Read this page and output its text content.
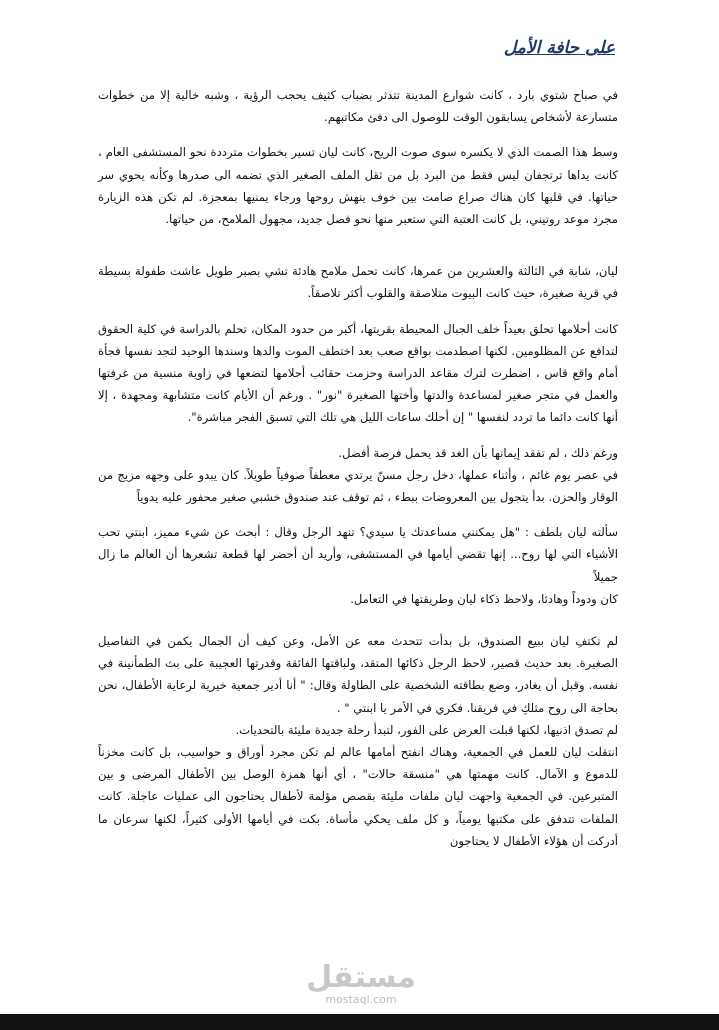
على حافة الأمل

في صباح شتوي بارد ، كانت شوارع المدينة تتدثر بضباب كثيف يحجب الرؤية ، وشبه خالية إلا من خطوات متسارعة لأشخاص يسابقون الوقت للوصول الى دفئ مكاتبهم.

وسط هذا الصمت الذي لا يكسره سوى صوت الريح، كانت ليان تسير بخطوات مترددة نحو المستشفى العام ، كانت يداها ترتجفان ليس فقط من البرد بل من ثقل الملف الصغير الذي تضمه الى صدرها وكأنه يحوي سر حياتها. في قلبها كان هناك صراع صامت بين خوف ينهش روحها ورجاء يمنيها بمعجزة. لم تكن هذه الزيارة مجرد موعد روتيني، بل كانت العتبة التي ستعبر منها نحو فصل جديد، مجهول الملامح، من حياتها.

ليان، شابة في الثالثة والعشرين من عمرها، كانت تحمل ملامح هادئة تشي بصبر طويل عاشت طفولة بسيطة في قرية صغيرة، حيث كانت البيوت متلاصقة والقلوب أكثر تلاصقاً.

كانت أحلامها تحلق بعيداً خلف الجبال المحيطة بقريتها، أكبر من حدود المكان، تحلم بالدراسة في كلية الحقوق لتدافع عن المظلومين. لكنها اصطدمت بواقع صعب بعد اختطف الموت والدها وسندها الوحيد لتجد نفسها فجأة أمام واقع قاس ، اضطرت لترك مقاعد الدراسة وحزمت حقائب أحلامها لتضعها في زاوية منسية من غرفتها والعمل في متجر صغير لمساعدة والدتها وأختها الصغيرة "نور" . ورغم أن الأيام كانت متشابهة ومجهدة ، إلا أنها كانت دائما ما تردد لنفسها " إن أحلك ساعات الليل هي تلك التي تسبق الفجر مباشرة".

ورغم ذلك ، لم تفقد إيمانها بأن الغد قد يحمل فرصة أفضل.

في عصر يوم غائم ، وأثناء عملها، دخل رجل مسنّ يرتدي معطفاً صوفياً طويلاً. كان يبدو على وجهه مزيج من الوقار والحزن. بدأ يتجول بين المعروضات ببطء ، ثم توقف عند صندوق خشبي صغير محفور عليه يدوياً

سألته ليان بلطف : "هل يمكنني مساعدتك يا سيدي؟ تنهد الرجل وقال : أبحث عن شيء مميز، ابنتي تحب الأشياء التي لها روح... إنها تقضي أيامها في المستشفى، وأريد أن أحضر لها قطعة تشعرها أن العالم ما زال جميلاً

كان ودوداً وهادئا، ولاحظ ذكاء ليان وطريقتها في التعامل.

لم تكتفِ ليان ببيع الصندوق، بل بدأت تتحدث معه عن الأمل، وعن كيف أن الجمال يكمن في التفاصيل الصغيرة. بعد حديث قصير، لاحظ الرجل ذكائها المتقد، ولباقتها الفائقة وقدرتها العجيبة على بث الطمأنينة في نفسه. وقبل أن يغادر، وضع بطاقته الشخصية على الطاولة وقال: " أنا أدير جمعية خيرية لرعاية الأطفال، نحن بحاجة الى روح مثلكِ في فريقنا. فكري في الأمر يا ابنتي " .

لم تصدق اذنيها، لكنها قبلت العرض على الفور، لتبدأ رحلة جديدة مليئة بالتحديات.

انتقلت ليان للعمل في الجمعية، وهناك انفتح أمامها عالم لم تكن مجرد أوراق و حواسيب، بل كانت مخزناً للدموع و الآمال. كانت مهمتها هي "منسقة حالات" ، أي أنها همزة الوصل بين الأطفال المرضى و بين المتبرعين. في الجمعية واجهت ليان ملفات مليئة بقصص مؤلمة لأطفال يحتاجون الى عمليات عاجلة. كانت الملفات تتدفق على مكتبها يومياً، و كل ملف يحكي مأساة. بكت في أيامها الأولى كثيراً، لكنها سرعان ما أدركت أن هؤلاء الأطفال لا يحتاجون

مستقل
mostaql.com
